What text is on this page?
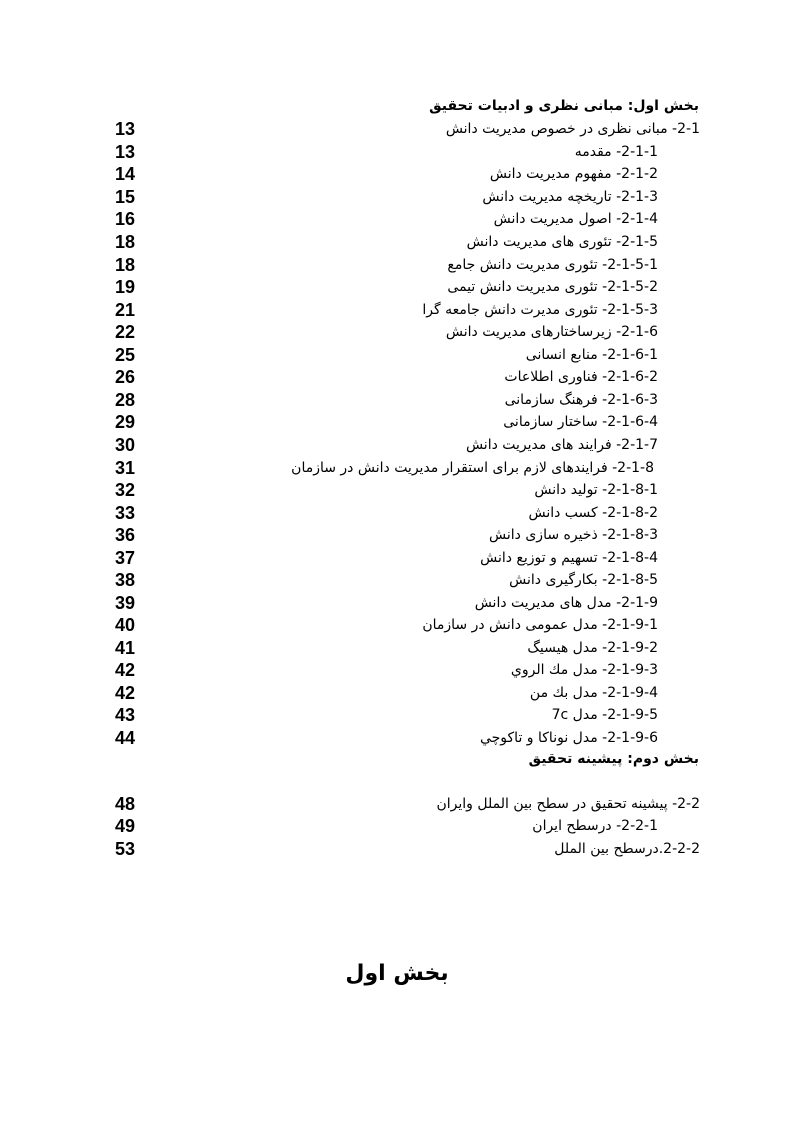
بخش اول: مبانی نظری و ادبیات تحقیق
13	2-1- مبانی نظری در خصوص مدیریت دانش
13	2-1-1- مقدمه
14	2-1-2- مفهوم مدیریت دانش
15	2-1-3- تاریخچه مدیریت دانش
16	2-1-4- اصول مدیریت دانش
18	2-1-5- تئوری های مدیریت دانش
18	2-1-5-1- تئوری مدیریت دانش جامع
19	2-1-5-2- تئوری مدیریت دانش تیمی
21	2-1-5-3- تئوری مدیرت دانش جامعه گرا
22	2-1-6- زیرساختارهای مدیریت دانش
25	2-1-6-1- منابع انسانی
26	2-1-6-2- فناوری اطلاعات
28	2-1-6-3- فرهنگ سازمانی
29	2-1-6-4- ساختار سازمانی
30	2-1-7- فرایند های مدیریت دانش
31	2-1-8- فرایندهای لازم برای استقرار مدیریت دانش در سازمان
32	2-1-8-1- تولید دانش
33	2-1-8-2- کسب دانش
36	2-1-8-3- ذخیره سازی دانش
37	2-1-8-4- تسهیم و توزیع دانش
38	2-1-8-5- بکارگیری دانش
39	2-1-9- مدل های مدیریت دانش
40	2-1-9-1- مدل عمومی دانش در سازمان
41	2-1-9-2- مدل هیسیگ
42	2-1-9-3- مدل مك الروي
42	2-1-9-4- مدل بك من
43	2-1-9-5- مدل 7c
44	2-1-9-6- مدل نوناكا و تاكوچي
بخش دوم: پیشینه تحقیق
48	2-2- پیشینه تحقیق در سطح بین الملل وایران
49	2-2-1- درسطح ایران
53	2-2-2.درسطح بین الملل
بخش اول
